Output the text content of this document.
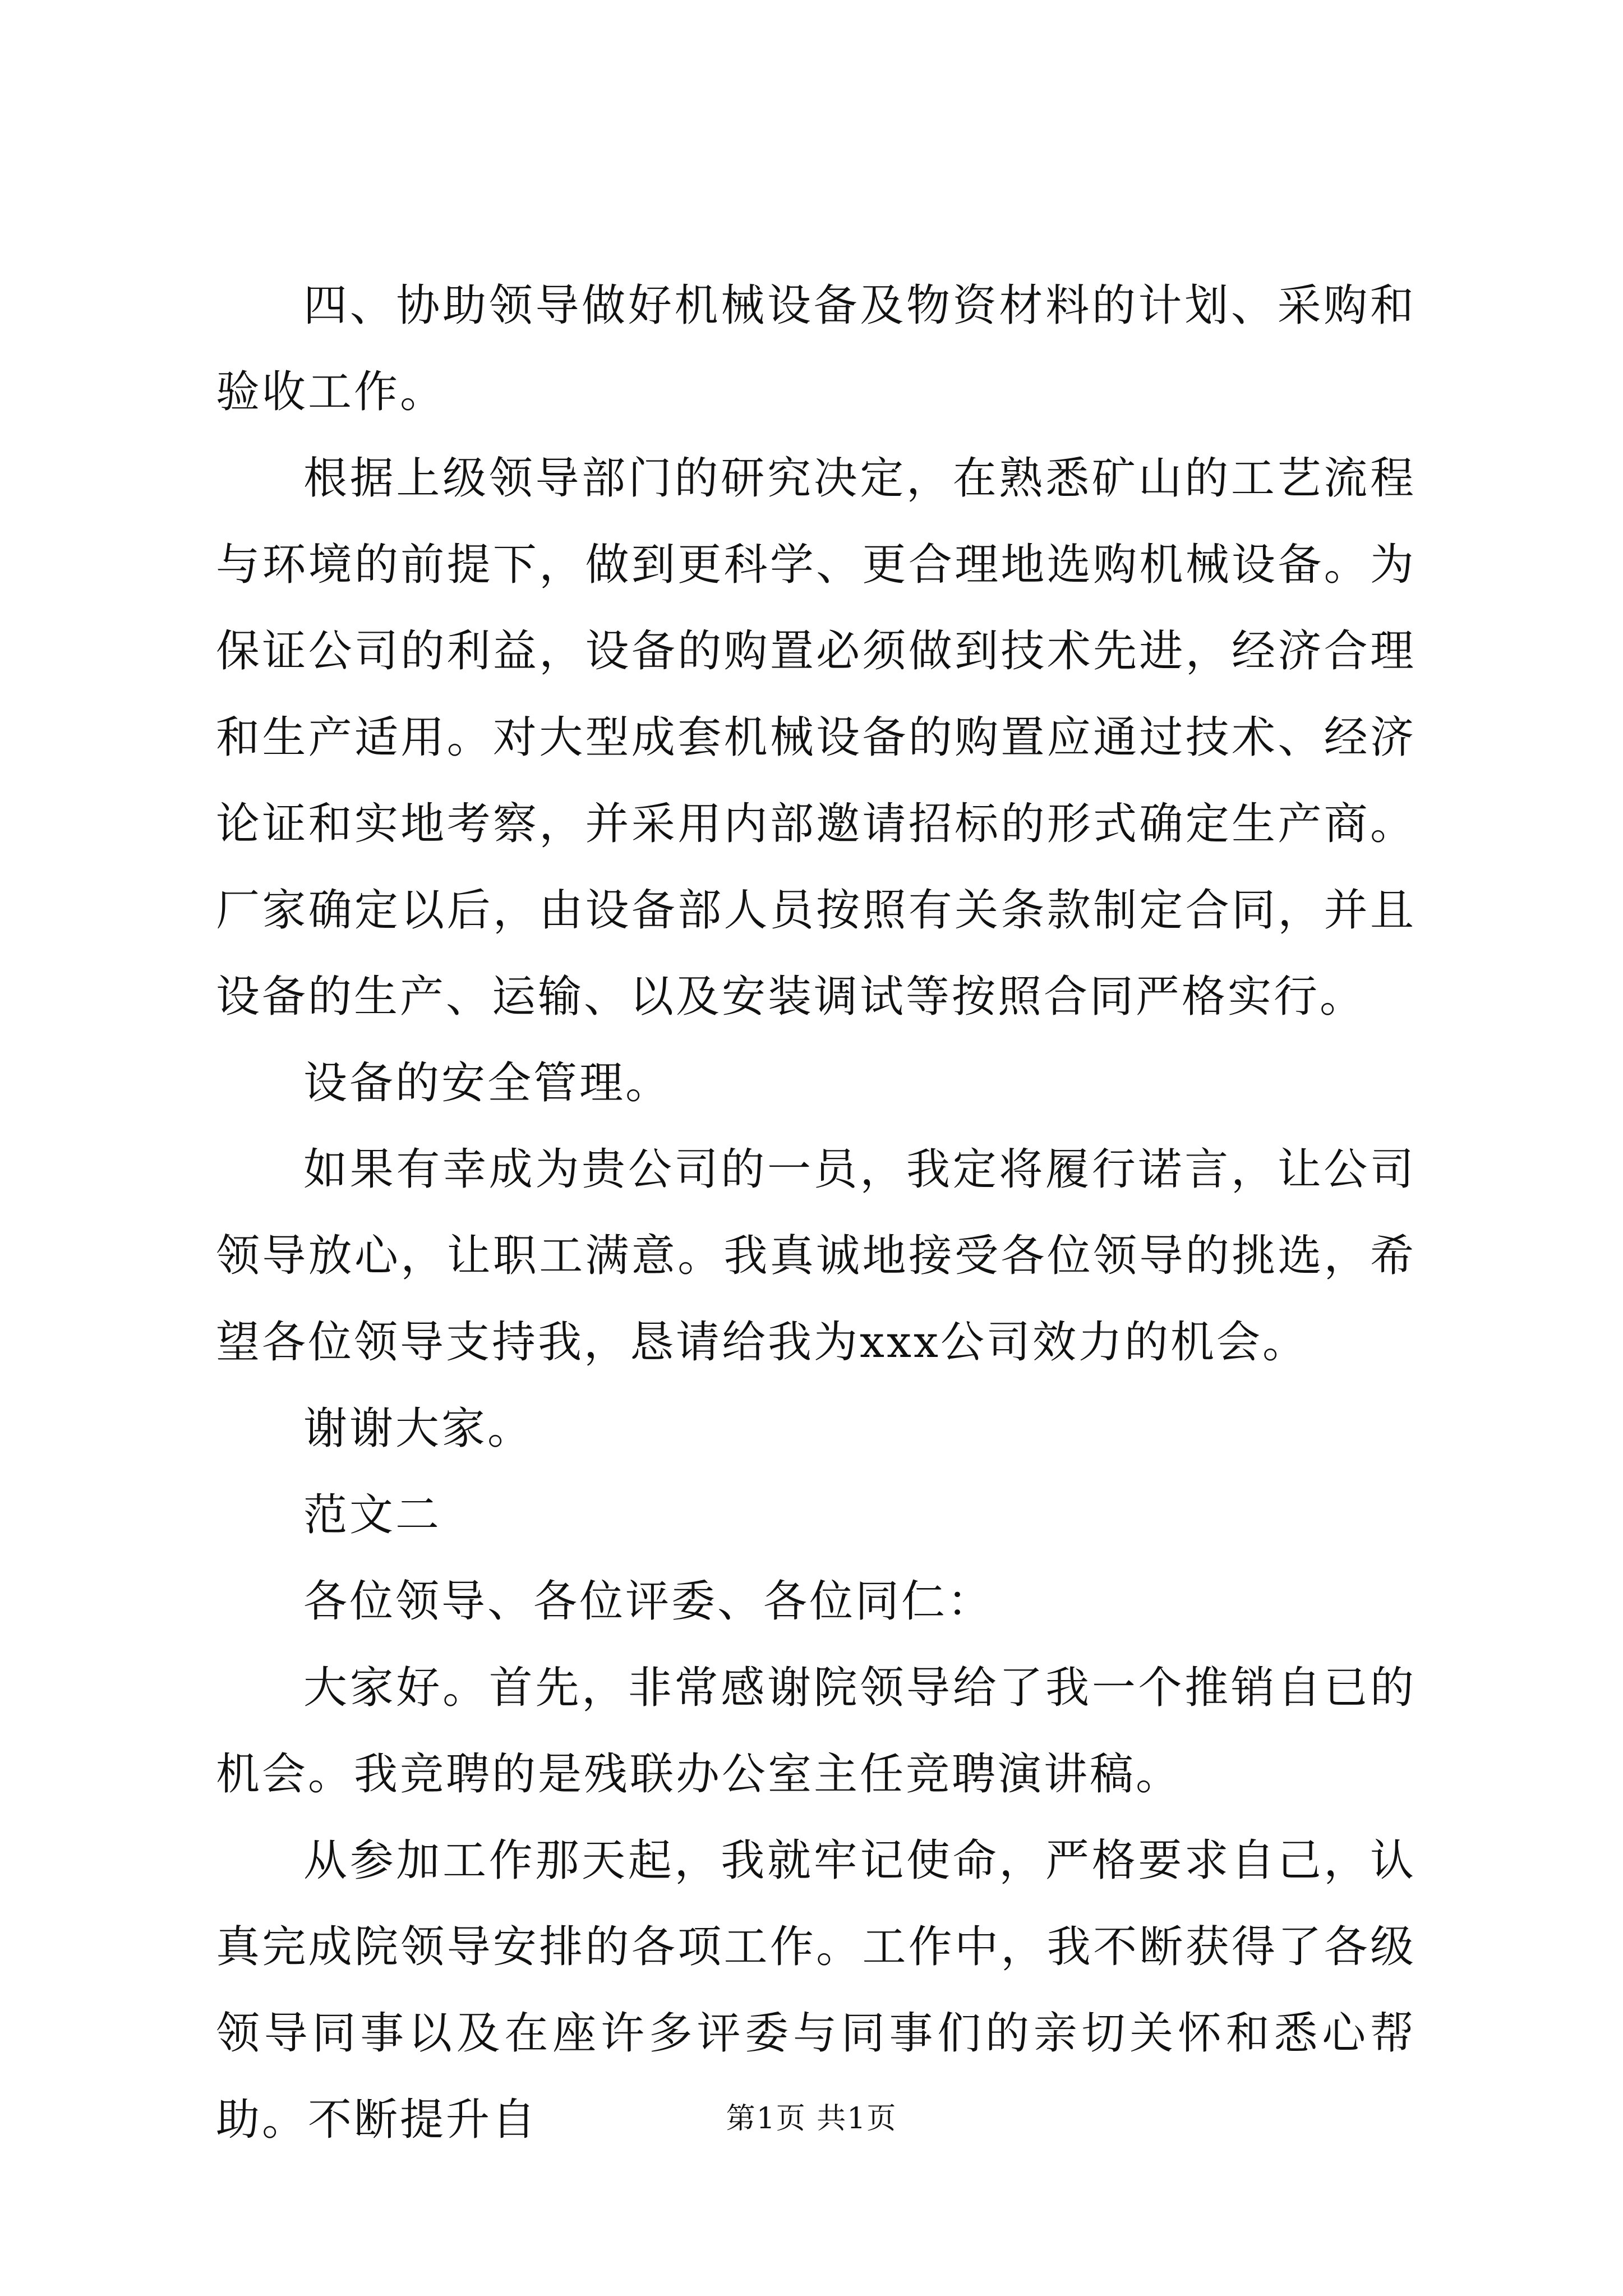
四、协助领导做好机械设备及物资材料的计划、采购和验收工作。

根据上级领导部门的研究决定，在熟悉矿山的工艺流程与环境的前提下，做到更科学、更合理地选购机械设备。为保证公司的利益，设备的购置必须做到技术先进，经济合理和生产适用。对大型成套机械设备的购置应通过技术、经济论证和实地考察，并采用内部邀请招标的形式确定生产商。厂家确定以后，由设备部人员按照有关条款制定合同，并且设备的生产、运输、以及安装调试等按照合同严格实行。

设备的安全管理。

如果有幸成为贵公司的一员，我定将履行诺言，让公司领导放心，让职工满意。我真诚地接受各位领导的挑选，希望各位领导支持我，恳请给我为xxx公司效力的机会。

谢谢大家。

范文二

各位领导、各位评委、各位同仁：

大家好。首先，非常感谢院领导给了我一个推销自已的机会。我竞聘的是残联办公室主任竞聘演讲稿。

从参加工作那天起，我就牢记使命，严格要求自己，认真完成院领导安排的各项工作。工作中，我不断获得了各级领导同事以及在座许多评委与同事们的亲切关怀和悉心帮助。不断提升自	第1页 共1页
